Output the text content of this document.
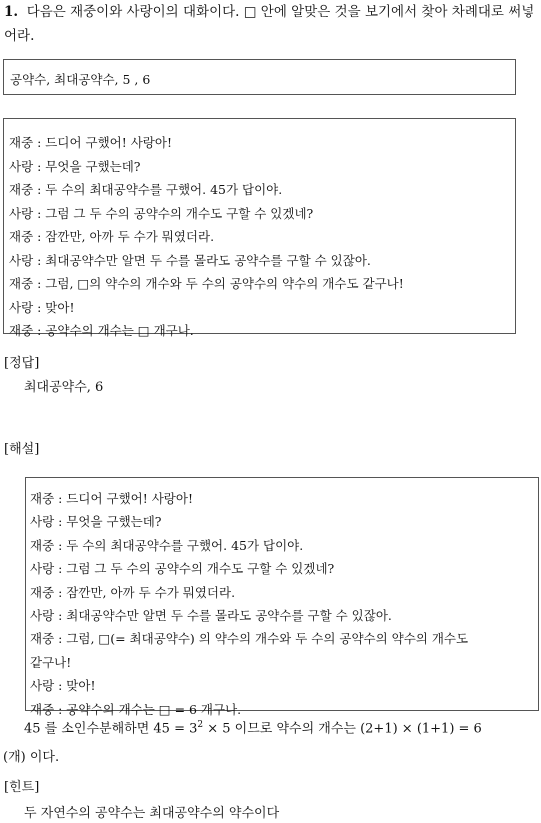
1. 다음은 재중이와 사랑이의 대화이다. □ 안에 알맞은 것을 보기에서 찾아 차례대로 써넣어라.
공약수, 최대공약수, 5 , 6
재중 : 드디어 구했어! 사랑아!
사랑 : 무엇을 구했는데?
재중 : 두 수의 최대공약수를 구했어. 45가 답이야.
사랑 : 그럼 그 두 수의 공약수의 개수도 구할 수 있겠네?
재중 : 잠깐만, 아까 두 수가 뭐였더라.
사랑 : 최대공약수만 알면 두 수를 몰라도 공약수를 구할 수 있잖아.
재중 : 그럼, □의 약수의 개수와 두 수의 공약수의 약수의 개수도 같구나!
사랑 : 맞아!
재중 : 공약수의 개수는 □ 개구나.
[정답]
최대공약수, 6
[해설]
재중 : 드디어 구했어! 사랑아!
사랑 : 무엇을 구했는데?
재중 : 두 수의 최대공약수를 구했어. 45가 답이야.
사랑 : 그럼 그 두 수의 공약수의 개수도 구할 수 있겠네?
재중 : 잠깐만, 아까 두 수가 뭐였더라.
사랑 : 최대공약수만 알면 두 수를 몰라도 공약수를 구할 수 있잖아.
재중 : 그럼, □(= 최대공약수) 의 약수의 개수와 두 수의 공약수의 약수의 개수도
같구나!
사랑 : 맞아!
재중 : 공약수의 개수는 □ = 6 개구나.
45 를 소인수분해하면 $45 = 3^2 \times 5$ 이므로 약수의 개수는 (2+1) × (1+1) = 6
(개) 이다.
[힌트]
두 자연수의 공약수는 최대공약수의 약수이다
